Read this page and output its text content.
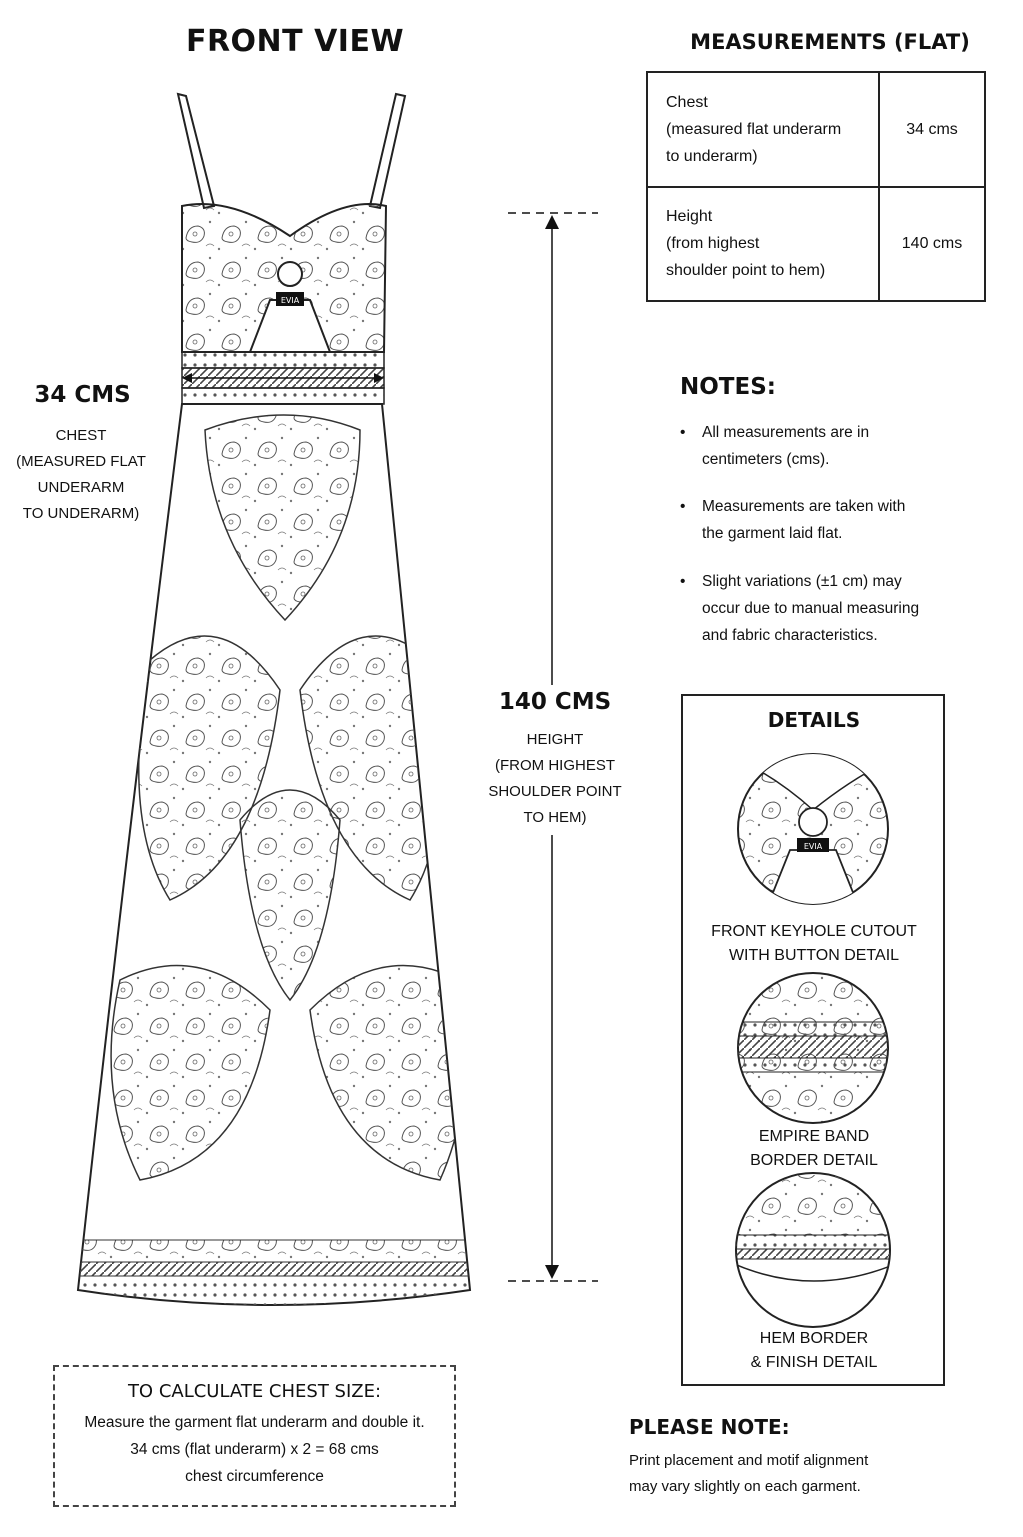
EVIA
EVIA
FRONT VIEW	MEASUREMENTS (FLAT)
Chest
(measured flat underarm
to underarm)	34 cms

Height
(from highest
shoulder point to hem)	140 cms
34 CMS
CHEST
(MEASURED FLAT
UNDERARM
TO UNDERARM)
140 CMS
HEIGHT
(FROM HIGHEST
SHOULDER POINT
TO HEM)
NOTES:
• All measurements are in
centimeters (cms).
• Measurements are taken with
the garment laid flat.
• Slight variations (±1 cm) may
occur due to manual measuring
and fabric characteristics.
DETAILS
FRONT KEYHOLE CUTOUT
WITH BUTTON DETAIL
EMPIRE BAND
BORDER DETAIL
HEM BORDER
& FINISH DETAIL
TO CALCULATE CHEST SIZE:
Measure the garment flat underarm and double it.
34 cms (flat underarm) x 2 = 68 cms
chest circumference
PLEASE NOTE:
Print placement and motif alignment
may vary slightly on each garment.
